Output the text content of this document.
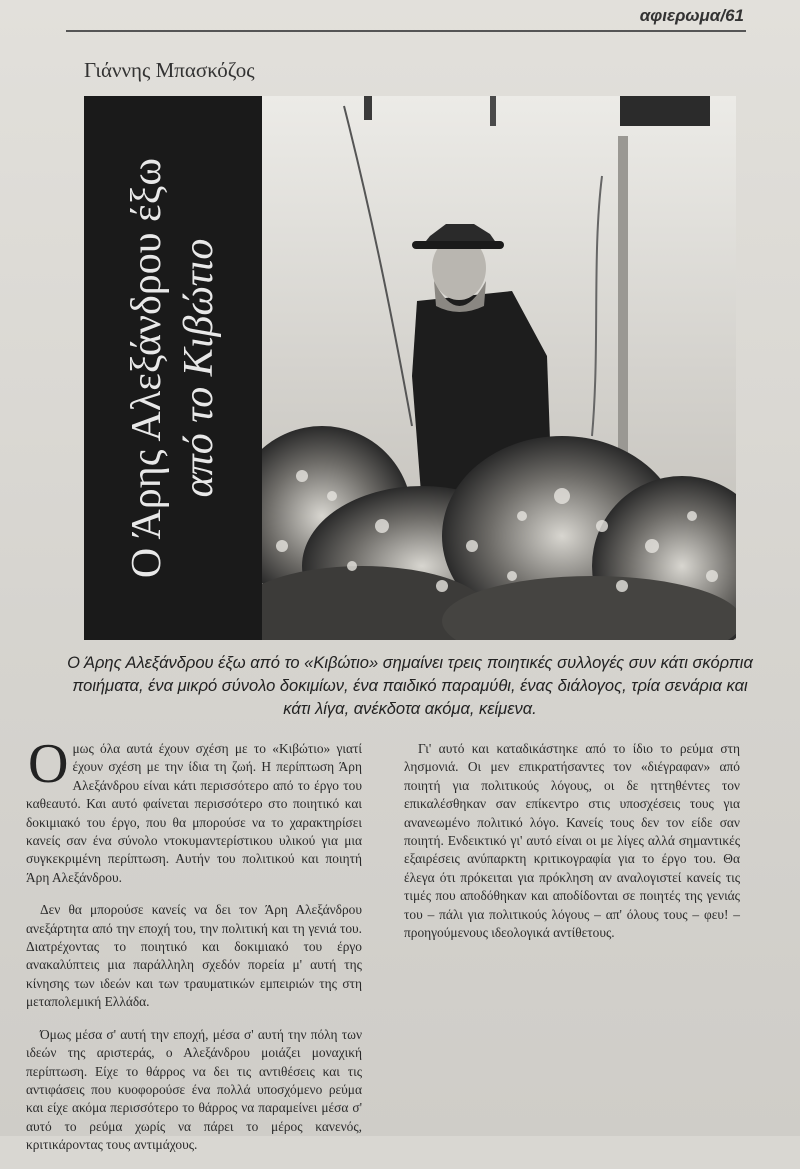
αφιερωμα/61
Γιάννης Μπασκόζος
Ο Άρης Αλεξάνδρου έξω από το Κιβώτιο
Ο Άρης Αλεξάνδρου έξω από το «Κιβώτιο» σημαίνει τρεις ποιητικές συλλογές συν κάτι σκόρπια ποιήματα, ένα μικρό σύνολο δοκιμίων, ένα παιδικό παραμύθι, ένας διάλογος, τρία σενάρια και κάτι λίγα, ανέκδοτα ακόμα, κείμενα.

Ομως όλα αυτά έχουν σχέση με το «Κιβώτιο» γιατί έχουν σχέση με την ίδια τη ζωή. Η περίπτωση Άρη Αλεξάνδρου είναι κάτι περισσότερο από το έργο του καθεαυτό. Και αυτό φαίνεται περισσότερο στο ποιητικό και δοκιμιακό του έργο, που θα μπορούσε να το χαρακτηρίσει κανείς σαν ένα σύνολο ντοκυμαντερίστικου υλικού για μια συγκεκριμένη περίπτωση. Αυτήν του πολιτικού και ποιητή Άρη Αλεξάνδρου.

Δεν θα μπορούσε κανείς να δει τον Άρη Αλεξάνδρου ανεξάρτητα από την εποχή του, την πολιτική και τη γενιά του. Διατρέχοντας το ποιητικό και δοκιμιακό του έργο ανακαλύπτεις μια παράλληλη σχεδόν πορεία μ' αυτή της κίνησης των ιδεών και των τραυματικών εμπειριών της στη μεταπολεμική Ελλάδα.

Όμως μέσα σ' αυτή την εποχή, μέσα σ' αυτή την πόλη των ιδεών της αριστεράς, ο Αλεξάνδρου μοιάζει μοναχική περίπτωση. Είχε το θάρρος να δει τις αντιθέσεις και τις αντιφάσεις που κυοφορούσε ένα πολλά υποσχόμενο ρεύμα και είχε ακόμα περισσότερο το θάρρος να παραμείνει μέσα σ' αυτό το ρεύμα χωρίς να πάρει το μέρος κανενός, κριτικάροντας τους αντιμάχους.

Γι' αυτό και καταδικάστηκε από το ίδιο το ρεύμα στη λησμονιά. Οι μεν επικρατήσαντες τον «διέγραφαν» από ποιητή για πολιτικούς λόγους, οι δε ηττηθέντες τον επικαλέσθηκαν σαν επίκεντρο στις υποσχέσεις τους για ανανεωμένο πολιτικό λόγο. Κανείς τους δεν τον είδε σαν ποιητή. Ενδεικτικό γι' αυτό είναι οι με λίγες αλλά σημαντικές εξαιρέσεις ανύπαρκτη κριτικογραφία για το έργο του. Θα έλεγα ότι πρόκειται για πρόκληση αν αναλογιστεί κανείς τις τιμές που αποδόθηκαν και αποδίδονται σε ποιητές της γενιάς του – πάλι για πολιτικούς λόγους – απ' όλους τους – φευ! – προηγούμενους ιδεολογικά αντίθετους.
